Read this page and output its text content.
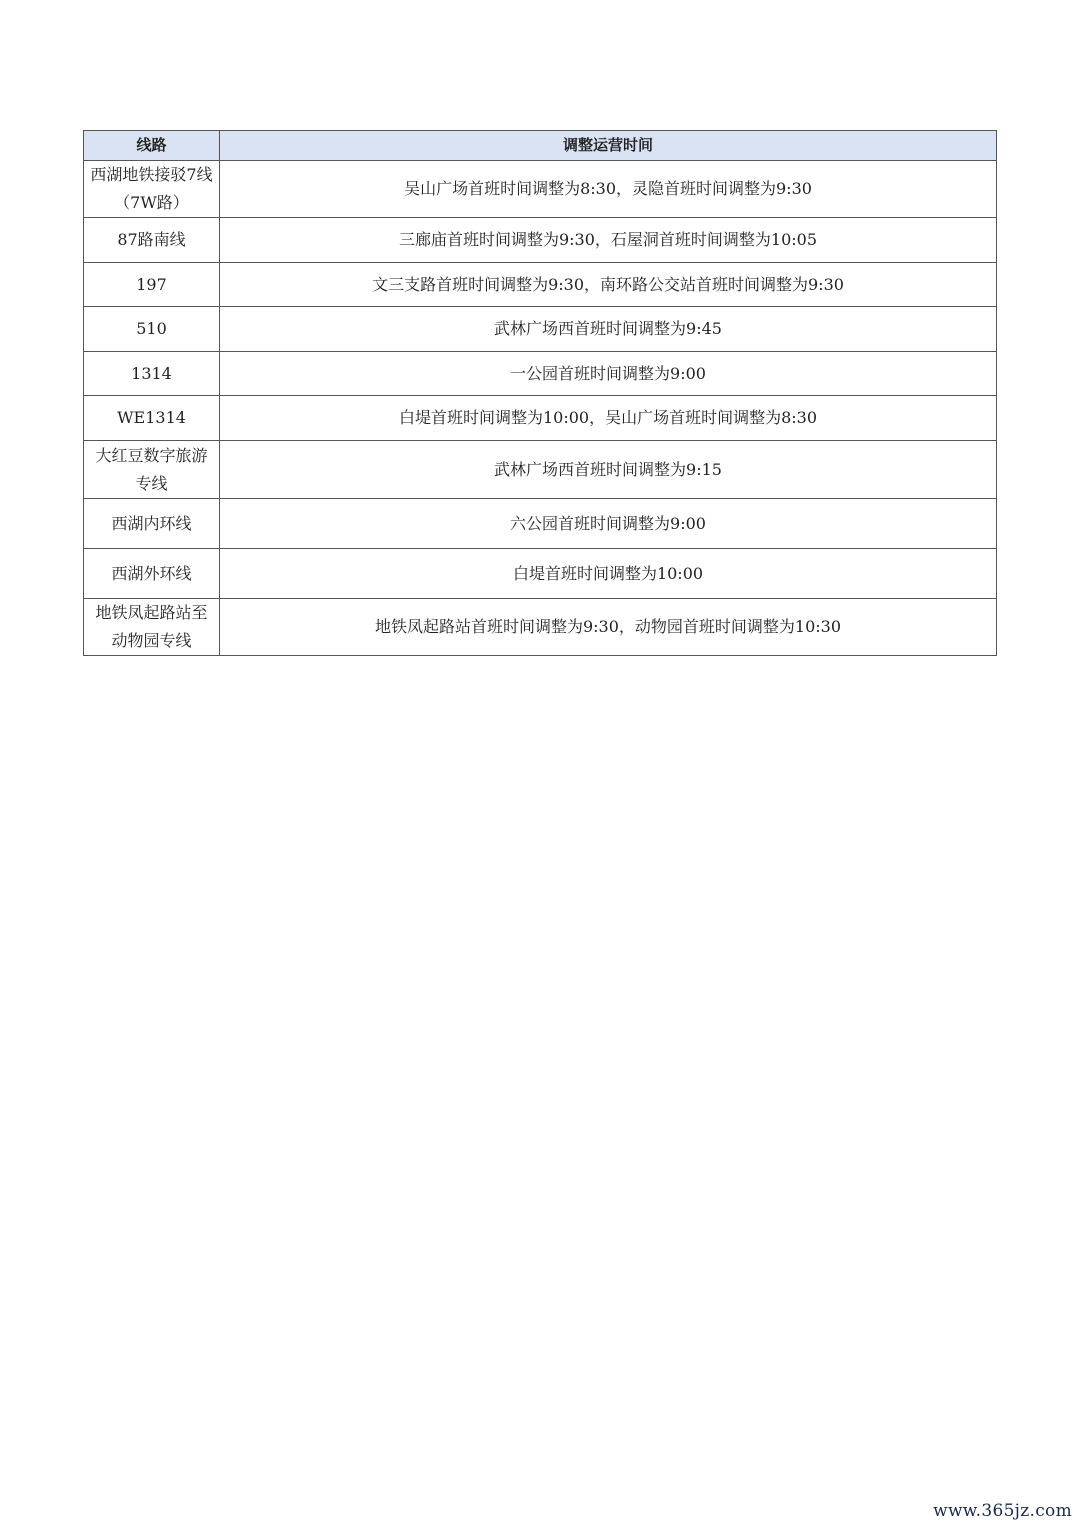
线路	调整运营时间
西湖地铁接驳7线（7W路）	吴山广场首班时间调整为8:30，灵隐首班时间调整为9:30
87路南线	三廊庙首班时间调整为9:30，石屋洞首班时间调整为10:05
197	文三支路首班时间调整为9:30，南环路公交站首班时间调整为9:30
510	武林广场西首班时间调整为9:45
1314	一公园首班时间调整为9:00
WE1314	白堤首班时间调整为10:00，吴山广场首班时间调整为8:30
大红豆数字旅游专线	武林广场西首班时间调整为9:15
西湖内环线	六公园首班时间调整为9:00
西湖外环线	白堤首班时间调整为10:00
地铁凤起路站至动物园专线	地铁凤起路站首班时间调整为9:30，动物园首班时间调整为10:30
www.365jz.com
